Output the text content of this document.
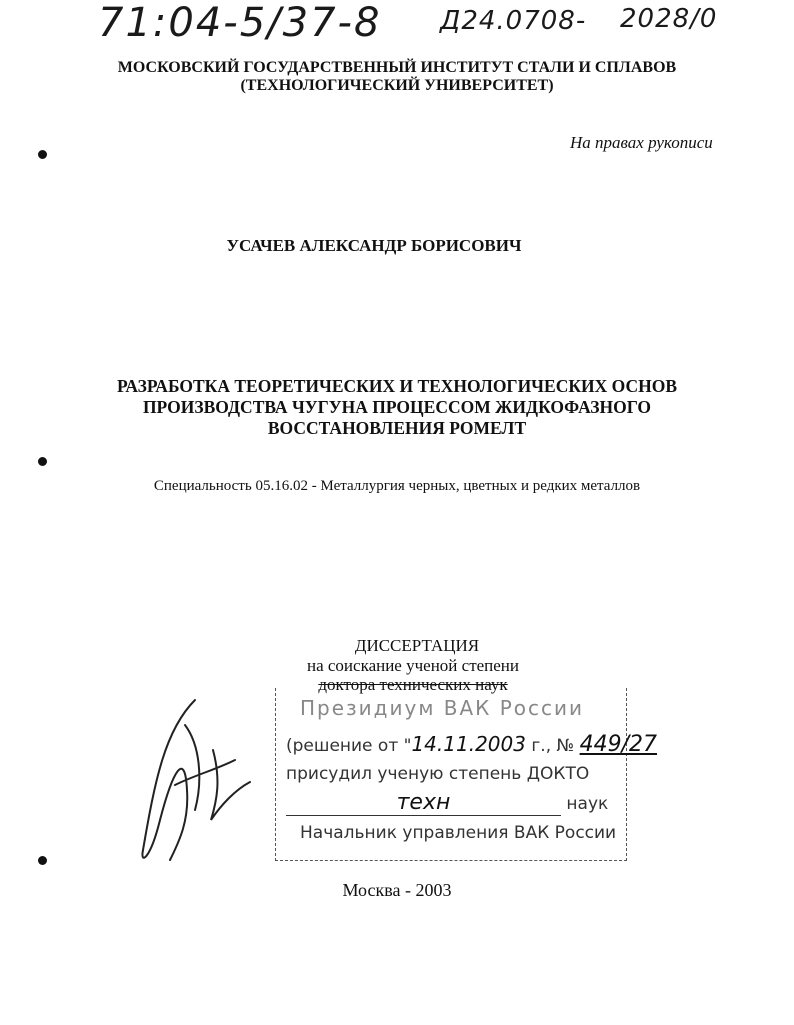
71:04-5/37-8 Д24.0708- 2028/0
МОСКОВСКИЙ ГОСУДАРСТВЕННЫЙ ИНСТИТУТ СТАЛИ И СПЛАВОВ
(ТЕХНОЛОГИЧЕСКИЙ УНИВЕРСИТЕТ)
На правах рукописи
УСАЧЕВ АЛЕКСАНДР БОРИСОВИЧ
РАЗРАБОТКА ТЕОРЕТИЧЕСКИХ И ТЕХНОЛОГИЧЕСКИХ ОСНОВ
ПРОИЗВОДСТВА ЧУГУНА ПРОЦЕССОМ ЖИДКОФАЗНОГО
ВОССТАНОВЛЕНИЯ РОМЕЛТ
Специальность 05.16.02 - Металлургия черных, цветных и редких металлов
ДИССЕРТАЦИЯ
на соискание ученой степени
доктора технических наук
Президиум ВАК России
(решение от "14.11.2003 г., № 449/27
присудил ученую степень ДОКТО
техн	наук
Начальник управления ВАК России
Москва - 2003
